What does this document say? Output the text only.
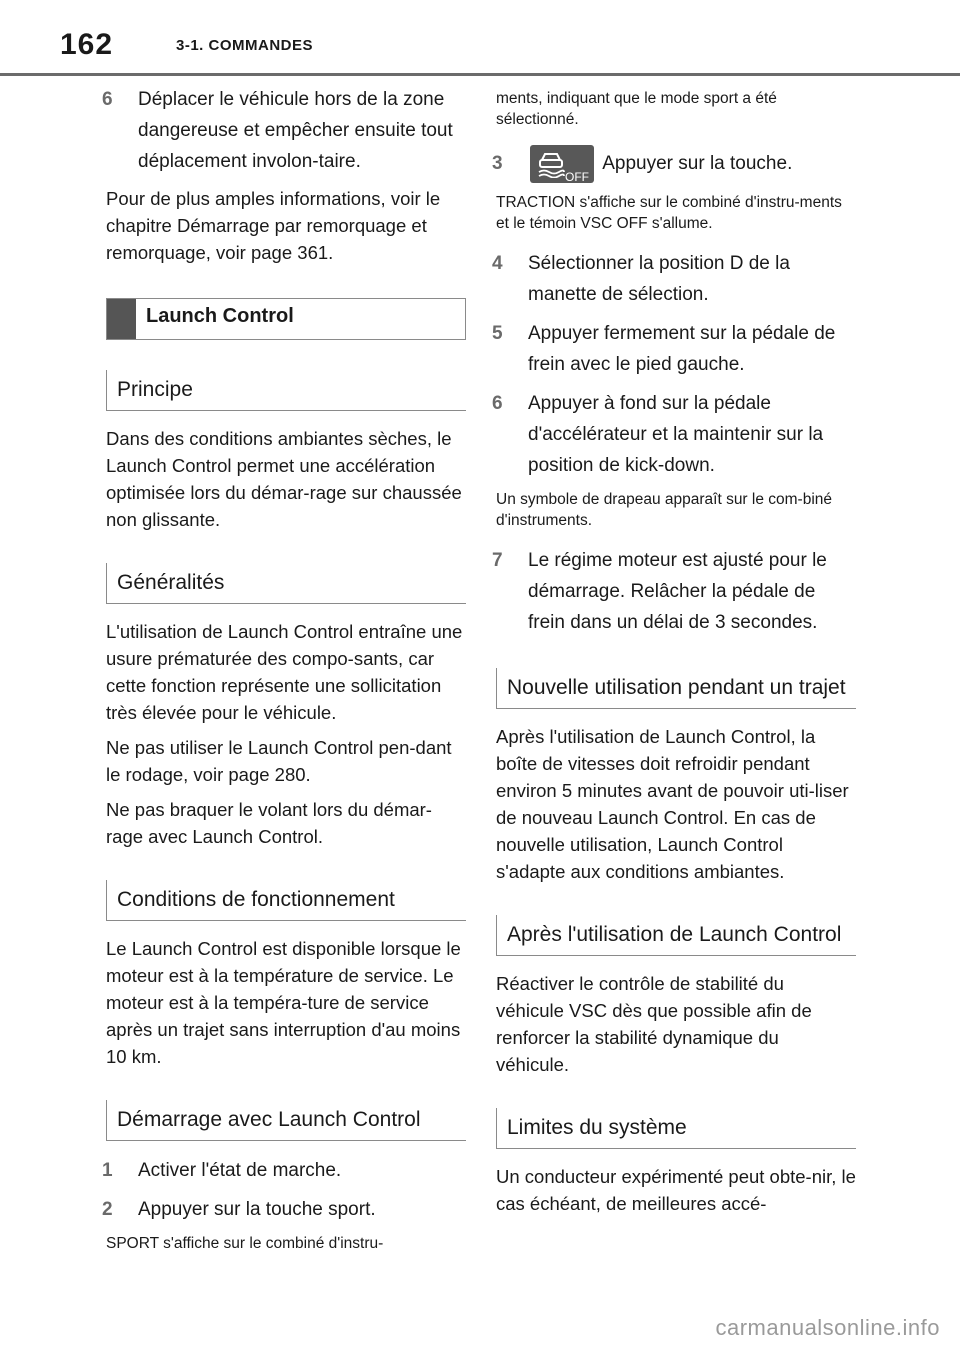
162	3-1. COMMANDES
6 Déplacer le véhicule hors de la zone dangereuse et empêcher ensuite tout déplacement involon-taire.

Pour de plus amples informations, voir le chapitre Démarrage par remorquage et remorquage, voir page 361.

Launch Control
Principe

Dans des conditions ambiantes sèches, le Launch Control permet une accélération optimisée lors du démar-rage sur chaussée non glissante.

Généralités

L'utilisation de Launch Control entraîne une usure prématurée des compo-sants, car cette fonction représente une sollicitation très élevée pour le véhicule.

Ne pas utiliser le Launch Control pen-dant le rodage, voir page 280.

Ne pas braquer le volant lors du démar-rage avec Launch Control.

Conditions de fonctionnement

Le Launch Control est disponible lorsque le moteur est à la température de service. Le moteur est à la tempéra-ture de service après un trajet sans interruption d'au moins 10 km.

Démarrage avec Launch Control
1 Activer l'état de marche.
2 Appuyer sur la touche sport.

SPORT s'affiche sur le combiné d'instru-

ments, indiquant que le mode sport a été sélectionné.

3
OFF
Appuyer sur la touche.

TRACTION s'affiche sur le combiné d'instru-ments et le témoin VSC OFF s'allume.

4 Sélectionner la position D de la manette de sélection.
5 Appuyer fermement sur la pédale de frein avec le pied gauche.
6 Appuyer à fond sur la pédale d'accélérateur et la maintenir sur la position de kick-down.

Un symbole de drapeau apparaît sur le com-biné d'instruments.

7 Le régime moteur est ajusté pour le démarrage. Relâcher la pédale de frein dans un délai de 3 secondes.
Nouvelle utilisation pendant un trajet

Après l'utilisation de Launch Control, la boîte de vitesses doit refroidir pendant environ 5 minutes avant de pouvoir uti-liser de nouveau Launch Control. En cas de nouvelle utilisation, Launch Control s'adapte aux conditions ambiantes.

Après l'utilisation de Launch Control

Réactiver le contrôle de stabilité du véhicule VSC dès que possible afin de renforcer la stabilité dynamique du véhicule.

Limites du système

Un conducteur expérimenté peut obte-nir, le cas échéant, de meilleures accé-

carmanualsonline.info
